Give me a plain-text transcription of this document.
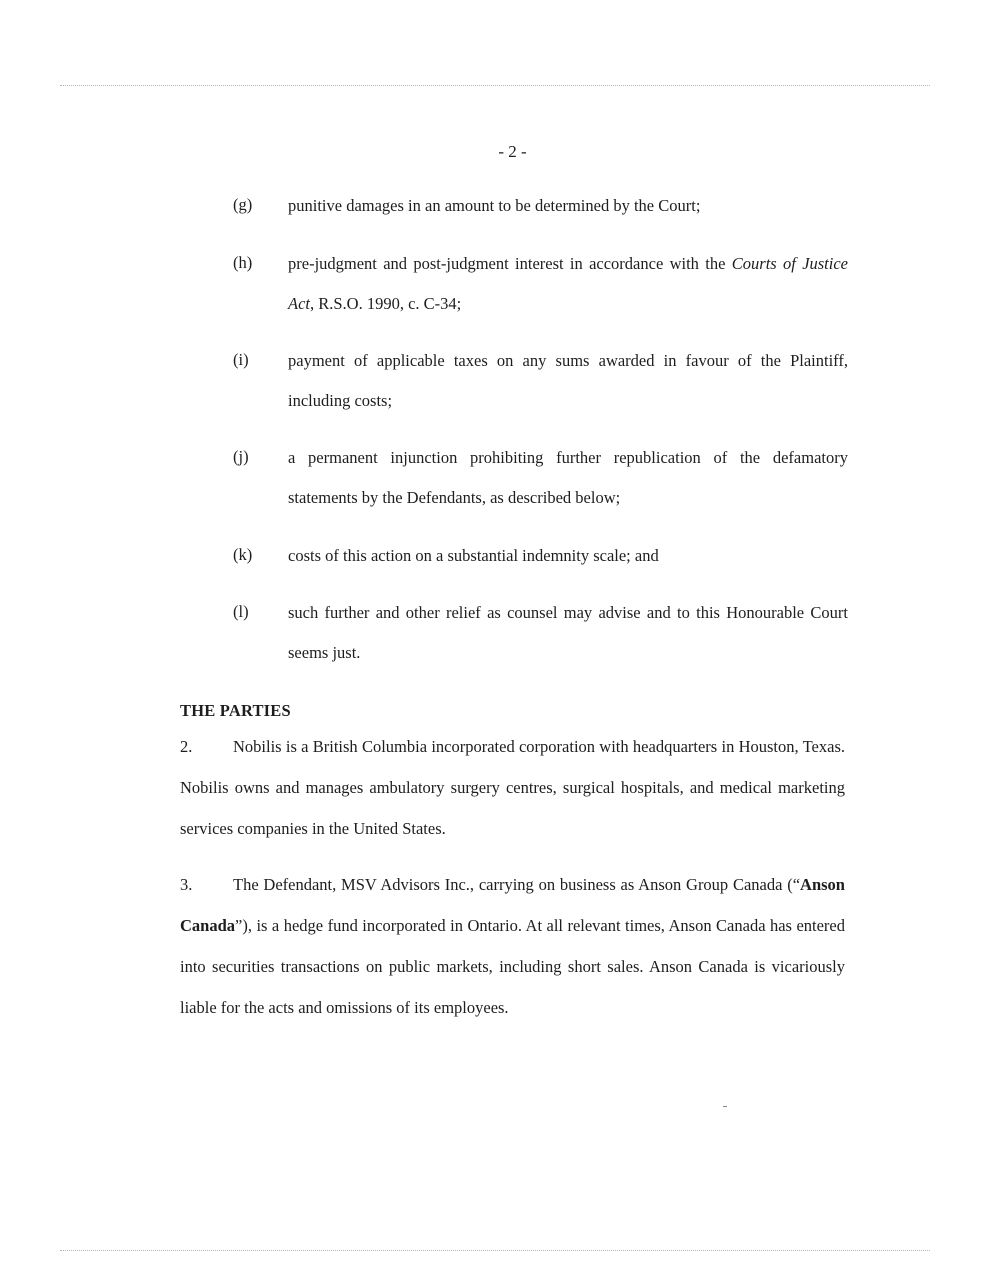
- 2 -
(g) punitive damages in an amount to be determined by the Court;
(h) pre-judgment and post-judgment interest in accordance with the Courts of Justice Act, R.S.O. 1990, c. C-34;
(i) payment of applicable taxes on any sums awarded in favour of the Plaintiff, including costs;
(j) a permanent injunction prohibiting further republication of the defamatory statements by the Defendants, as described below;
(k) costs of this action on a substantial indemnity scale; and
(l) such further and other relief as counsel may advise and to this Honourable Court seems just.
THE PARTIES
2. Nobilis is a British Columbia incorporated corporation with headquarters in Houston, Texas. Nobilis owns and manages ambulatory surgery centres, surgical hospitals, and medical marketing services companies in the United States.
3. The Defendant, MSV Advisors Inc., carrying on business as Anson Group Canada (“Anson Canada”), is a hedge fund incorporated in Ontario. At all relevant times, Anson Canada has entered into securities transactions on public markets, including short sales. Anson Canada is vicariously liable for the acts and omissions of its employees.
